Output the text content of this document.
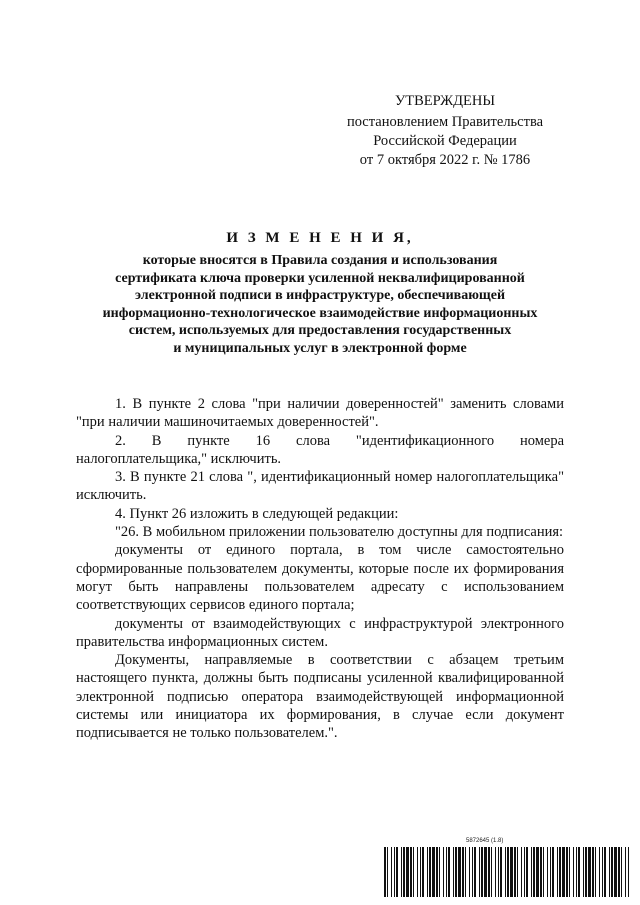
УТВЕРЖДЕНЫ
постановлением Правительства
Российской Федерации
от 7 октября 2022 г. № 1786
И З М Е Н Е Н И Я,
которые вносятся в Правила создания и использования
сертификата ключа проверки усиленной неквалифицированной
электронной подписи в инфраструктуре, обеспечивающей
информационно-технологическое взаимодействие информационных
систем, используемых для предоставления государственных
и муниципальных услуг в электронной форме

1. В пункте 2 слова "при наличии доверенностей" заменить словами "при наличии машиночитаемых доверенностей".

2. В пункте 16 слова "идентификационного номера налогоплательщика," исключить.

3. В пункте 21 слова ", идентификационный номер налогоплательщика" исключить.

4. Пункт 26 изложить в следующей редакции:

"26. В мобильном приложении пользователю доступны для подписания:

документы от единого портала, в том числе самостоятельно сформированные пользователем документы, которые после их формирования могут быть направлены пользователем адресату с использованием соответствующих сервисов единого портала;

документы от взаимодействующих с инфраструктурой электронного правительства информационных систем.

Документы, направляемые в соответствии с абзацем третьим настоящего пункта, должны быть подписаны усиленной квалифицированной электронной подписью оператора взаимодействующей информационной системы или инициатора их формирования, в случае если документ подписывается не только пользователем.".

5872645 (1.8)
